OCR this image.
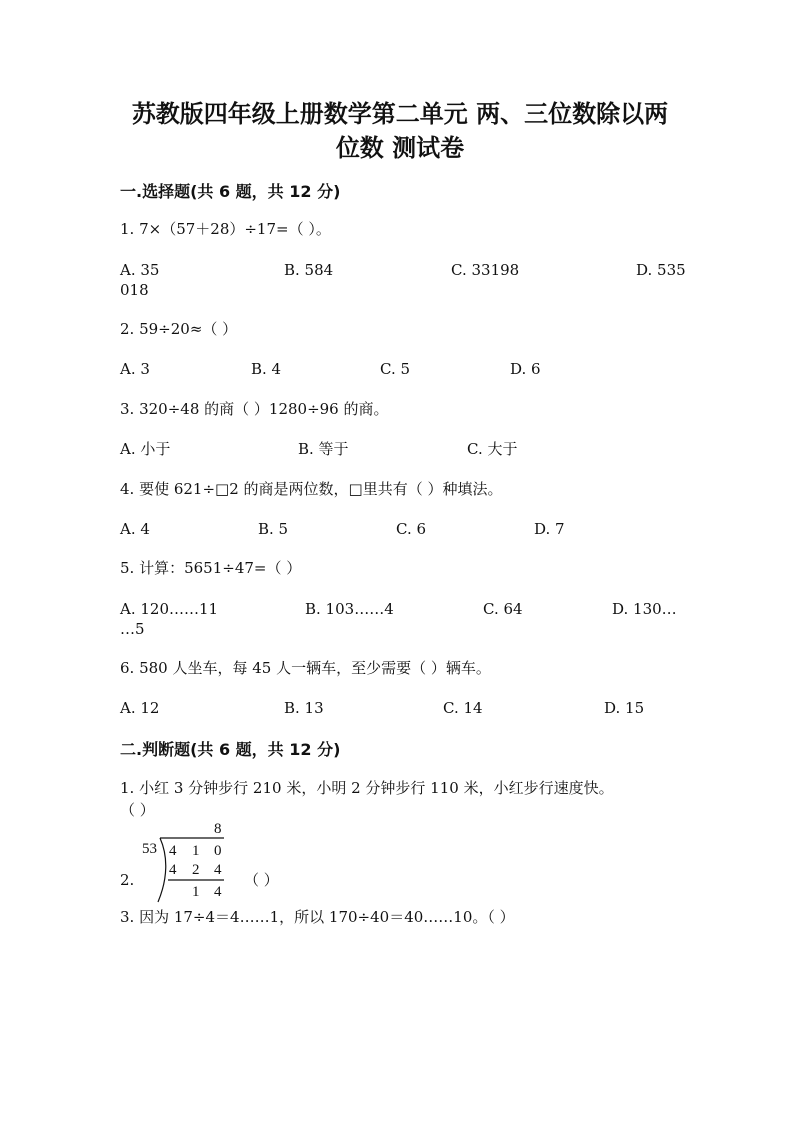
苏教版四年级上册数学第二单元 两、三位数除以两
位数 测试卷
一.选择题(共 6 题，共 12 分)
1. 7×（57＋28）÷17=（ ）。
A. 35	B. 584	C. 33198	D. 535
018
2. 59÷20≈（ ）
A. 3	B. 4	C. 5	D. 6
3. 320÷48 的商（ ）1280÷96 的商。
A. 小于	B. 等于	C. 大于
4. 要使 621÷□2 的商是两位数，□里共有（ ）种填法。
A. 4	B. 5	C. 6	D. 7
5. 计算：5651÷47=（ ）
A. 120……11	B. 103……4	C. 64	D. 130…
…5
6. 580 人坐车，每 45 人一辆车，至少需要（ ）辆车。
A. 12	B. 13	C. 14	D. 15
二.判断题(共 6 题，共 12 分)
1. 小红 3 分钟步行 210 米，小明 2 分钟步行 110 米，小红步行速度快。
（ ）
2.
8
53 4 1 0
4 2 4
1 4
（ ）
3. 因为 17÷4＝4……1，所以 170÷40＝40……10。（ ）
